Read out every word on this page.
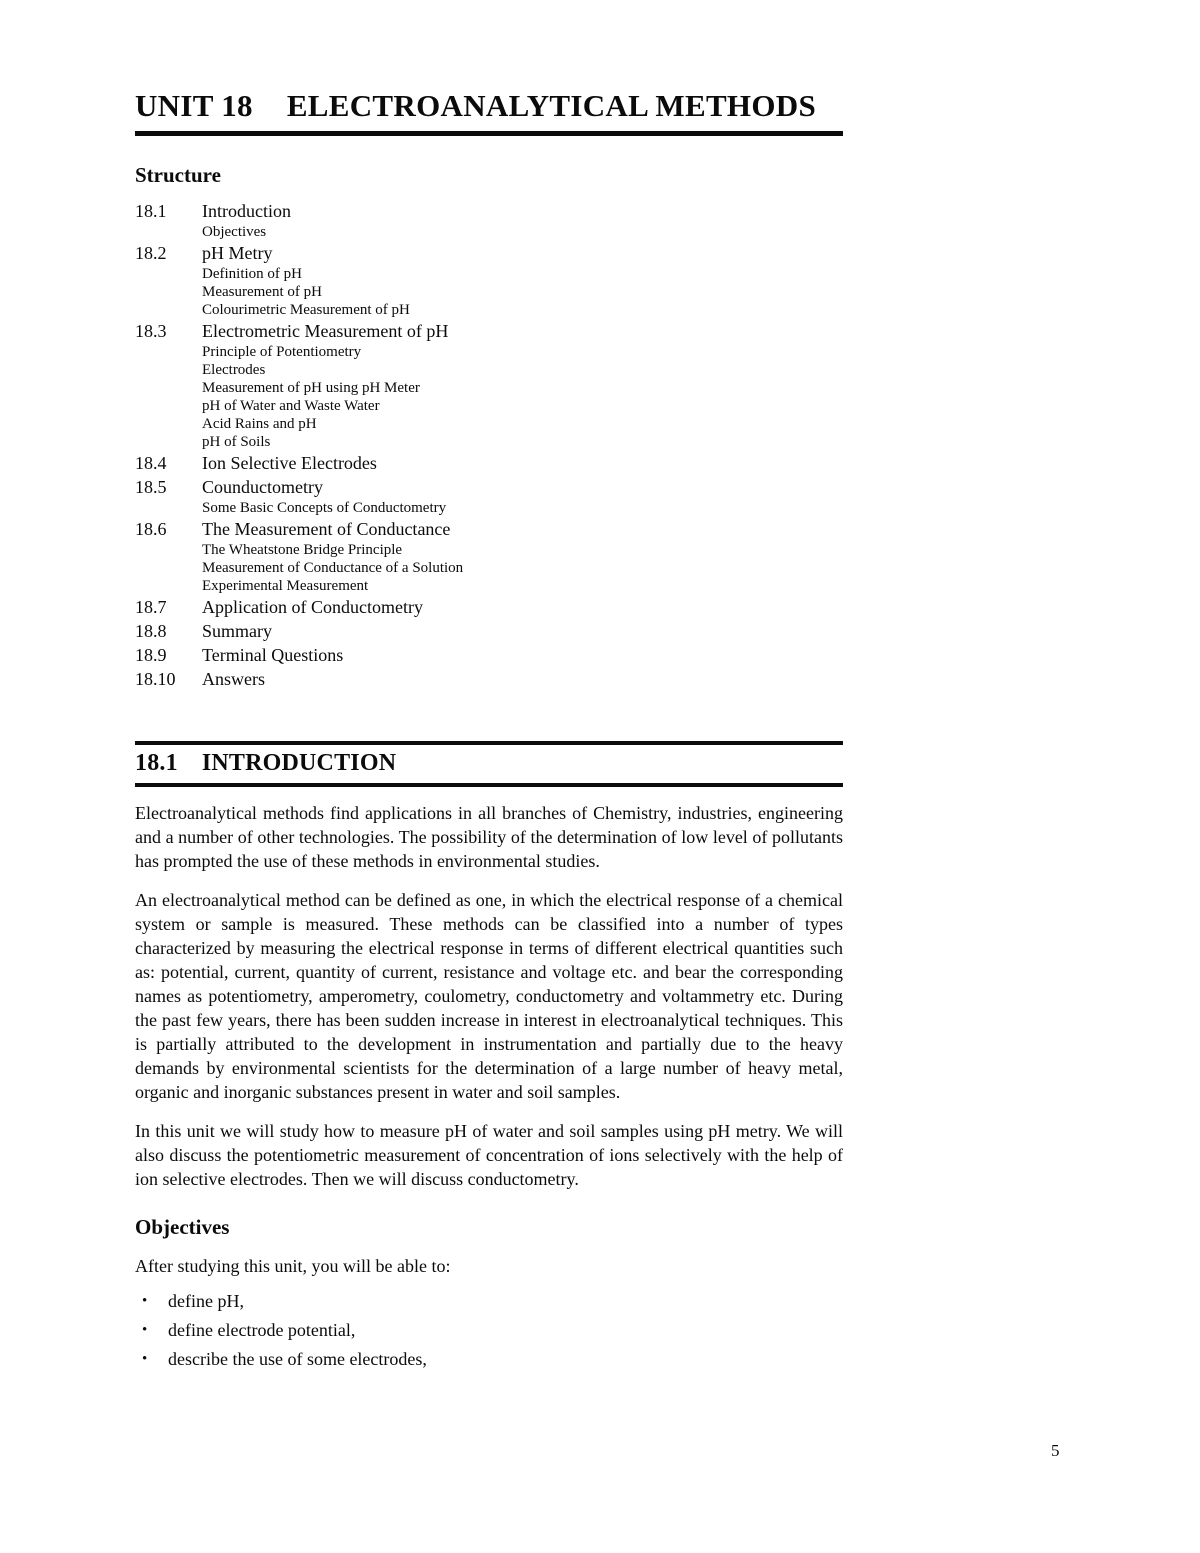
UNIT 18 ELECTROANALYTICAL METHODS
Structure
18.1	Introduction
Objectives
18.2	pH Metry
Definition of pH
Measurement of pH
Colourimetric Measurement of pH
18.3	Electrometric Measurement of pH
Principle of Potentiometry
Electrodes
Measurement of pH using pH Meter
pH of Water and Waste Water
Acid Rains and pH
pH of Soils
18.4	Ion Selective Electrodes
18.5	Counductometry
Some Basic Concepts of Conductometry
18.6	The Measurement of Conductance
The Wheatstone Bridge Principle
Measurement of Conductance of a Solution
Experimental Measurement
18.7	Application of Conductometry
18.8	Summary
18.9	Terminal Questions
18.10	Answers
18.1 INTRODUCTION
Electroanalytical methods find applications in all branches of Chemistry, industries, engineering and a number of other technologies. The possibility of the determination of low level of pollutants has prompted the use of these methods in environmental studies.
An electroanalytical method can be defined as one, in which the electrical response of a chemical system or sample is measured. These methods can be classified into a number of types characterized by measuring the electrical response in terms of different electrical quantities such as: potential, current, quantity of current, resistance and voltage etc. and bear the corresponding names as potentiometry, amperometry, coulometry, conductometry and voltammetry etc. During the past few years, there has been sudden increase in interest in electroanalytical techniques. This is partially attributed to the development in instrumentation and partially due to the heavy demands by environmental scientists for the determination of a large number of heavy metal, organic and inorganic substances present in water and soil samples.
In this unit we will study how to measure pH of water and soil samples using pH metry. We will also discuss the potentiometric measurement of concentration of ions selectively with the help of ion selective electrodes. Then we will discuss conductometry.
Objectives
After studying this unit, you will be able to:
•	define pH,
•	define electrode potential,
•	describe the use of some electrodes,
5
